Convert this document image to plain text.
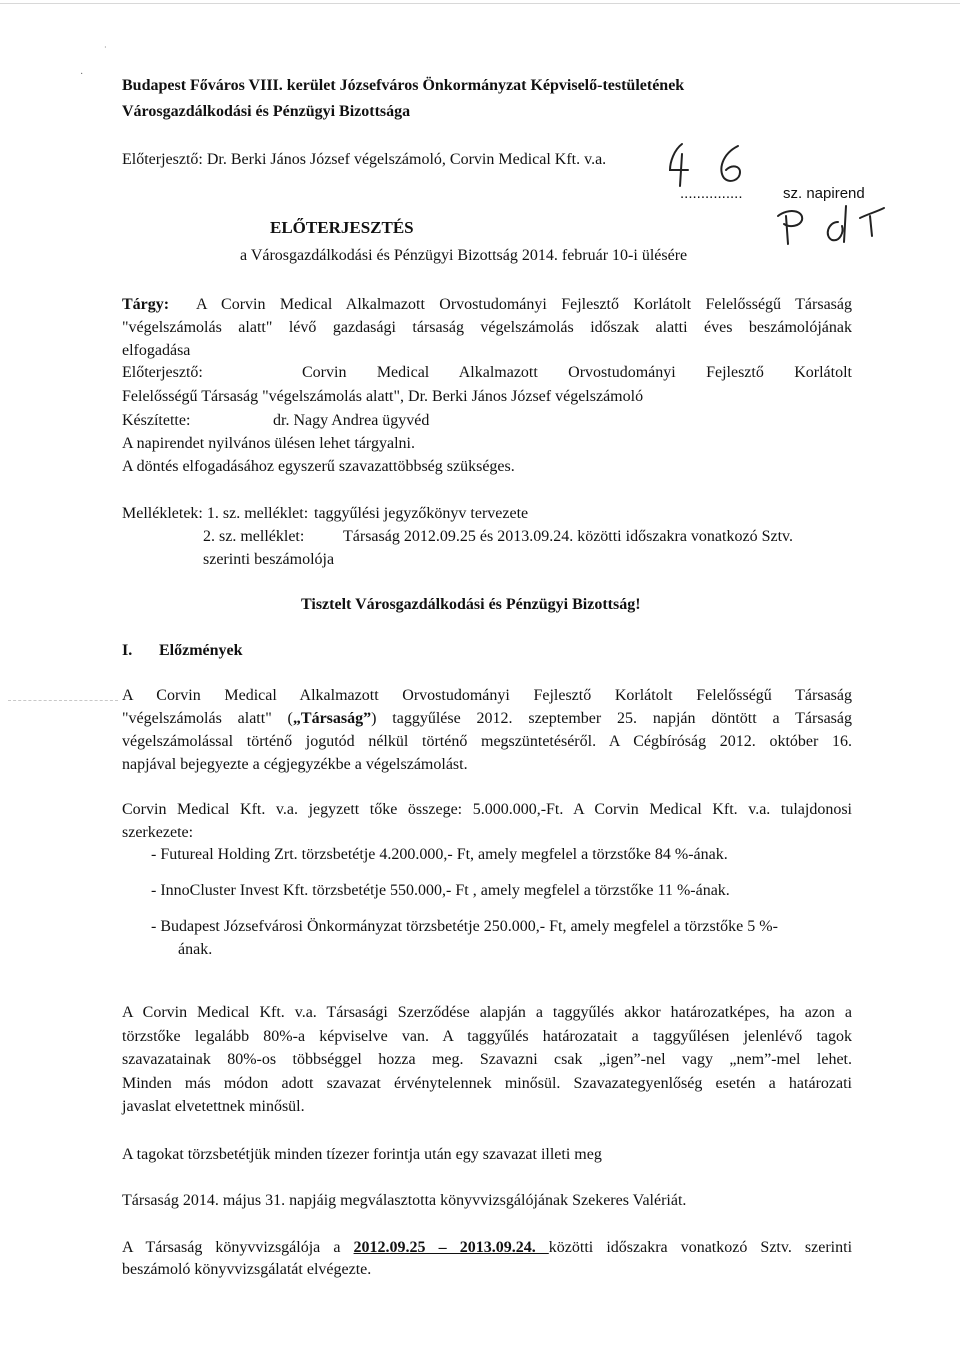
·
·
Budapest Főváros VIII. kerület Józsefváros Önkormányzat Képviselő-testületének
Városgazdálkodási és Pénzügyi Bizottsága
Előterjesztő: Dr. Berki János József végelszámoló, Corvin Medical Kft. v.a.
...............	sz. napirend
ELŐTERJESZTÉS
a Városgazdálkodási és Pénzügyi Bizottság 2014. február 10-i ülésére
Tárgy: A Corvin Medical Alkalmazott Orvostudományi Fejlesztő Korlátolt Felelősségű Társaság
"végelszámolás alatt" lévő gazdasági társaság végelszámolás időszak alatti éves beszámolójának
elfogadása
Előterjesztő:	Corvin Medical Alkalmazott Orvostudományi Fejlesztő Korlátolt
Felelősségű Társaság "végelszámolás alatt", Dr. Berki János József végelszámoló
Készítette:	dr. Nagy Andrea ügyvéd
A napirendet nyilvános ülésen lehet tárgyalni.
A döntés elfogadásához egyszerű szavazattöbbség szükséges.
Mellékletek: 1. sz. melléklet: taggyűlési jegyzőkönyv tervezete
2. sz. melléklet: Társaság 2012.09.25 és 2013.09.24. közötti időszakra vonatkozó Sztv.
szerinti beszámolója
Tisztelt Városgazdálkodási és Pénzügyi Bizottság!
I. Előzmények
A Corvin Medical Alkalmazott Orvostudományi Fejlesztő Korlátolt Felelősségű Társaság
"végelszámolás alatt" („Társaság”) taggyűlése 2012. szeptember 25. napján döntött a Társaság
végelszámolással történő jogutód nélkül történő megszüntetéséről. A Cégbíróság 2012. október 16.
napjával bejegyezte a cégjegyzékbe a végelszámolást.
Corvin Medical Kft. v.a. jegyzett tőke összege: 5.000.000,-Ft. A Corvin Medical Kft. v.a. tulajdonosi
szerkezete:
- Futureal Holding Zrt. törzsbetétje 4.200.000,- Ft, amely megfelel a törzstőke 84 %-ának.
- InnoCluster Invest Kft. törzsbetétje 550.000,- Ft , amely megfelel a törzstőke 11 %-ának.
- Budapest Józsefvárosi Önkormányzat törzsbetétje 250.000,- Ft, amely megfelel a törzstőke 5 %-
ának.
A Corvin Medical Kft. v.a. Társasági Szerződése alapján a taggyűlés akkor határozatképes, ha azon a
törzstőke legalább 80%-a képviselve van. A taggyűlés határozatait a taggyűlésen jelenlévő tagok
szavazatainak 80%-os többséggel hozza meg. Szavazni csak „igen”-nel vagy „nem”-mel lehet.
Minden más módon adott szavazat érvénytelennek minősül. Szavazategyenlőség esetén a határozati
javaslat elvetettnek minősül.
A tagokat törzsbetétjük minden tízezer forintja után egy szavazat illeti meg
Társaság 2014. május 31. napjáig megválasztotta könyvvizsgálójának Szekeres Valériát.
A Társaság könyvvizsgálója a 2012.09.25 – 2013.09.24. közötti időszakra vonatkozó Sztv. szerinti
beszámoló könyvvizsgálatát elvégezte.
